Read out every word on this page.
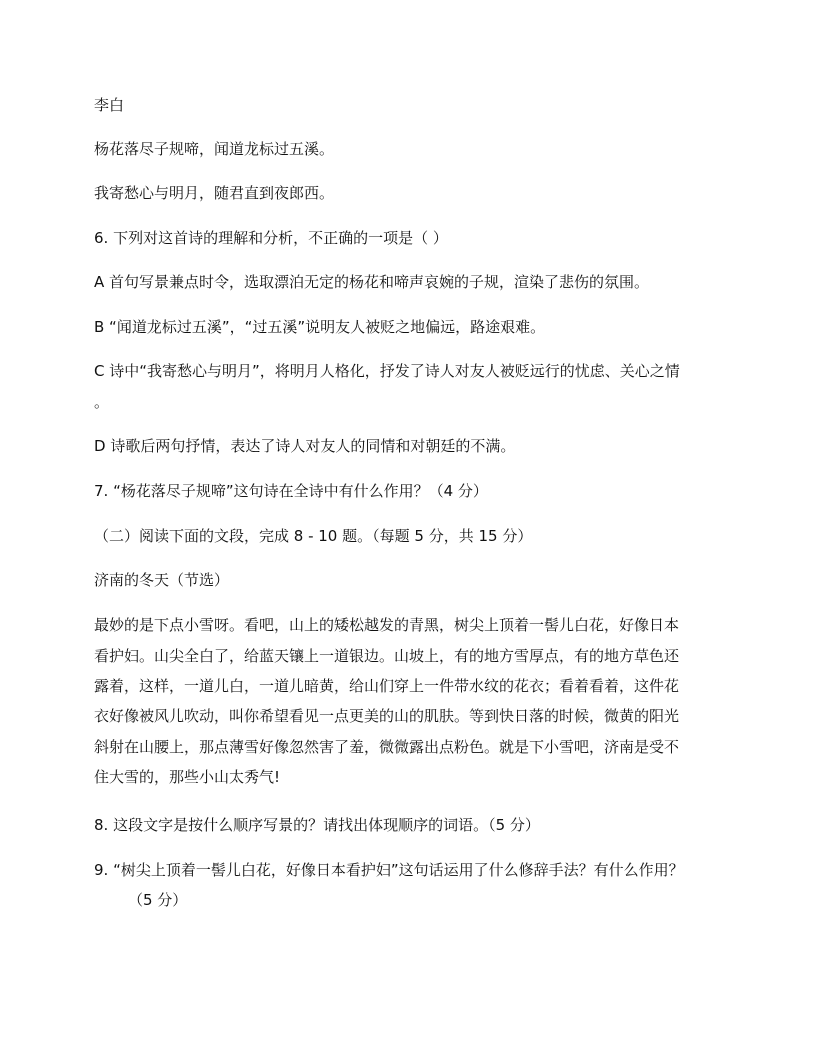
李白
杨花落尽子规啼，闻道龙标过五溪。
我寄愁心与明月，随君直到夜郎西。
6. 下列对这首诗的理解和分析，不正确的一项是（ ）
A 首句写景兼点时令，选取漂泊无定的杨花和啼声哀婉的子规，渲染了悲伤的氛围。
B “闻道龙标过五溪”，“过五溪”说明友人被贬之地偏远，路途艰难。
C 诗中“我寄愁心与明月”，将明月人格化，抒发了诗人对友人被贬远行的忧虑、关心之情
。
D 诗歌后两句抒情，表达了诗人对友人的同情和对朝廷的不满。
7. “杨花落尽子规啼”这句诗在全诗中有什么作用？（4 分）
（二）阅读下面的文段，完成 8 - 10 题。（每题 5 分，共 15 分）
济南的冬天（节选）
最妙的是下点小雪呀。看吧，山上的矮松越发的青黑，树尖上顶着一髻儿白花，好像日本
看护妇。山尖全白了，给蓝天镶上一道银边。山坡上，有的地方雪厚点，有的地方草色还
露着，这样，一道儿白，一道儿暗黄，给山们穿上一件带水纹的花衣；看着看着，这件花
衣好像被风儿吹动，叫你希望看见一点更美的山的肌肤。等到快日落的时候，微黄的阳光
斜射在山腰上，那点薄雪好像忽然害了羞，微微露出点粉色。就是下小雪吧，济南是受不
住大雪的，那些小山太秀气!
8. 这段文字是按什么顺序写景的？请找出体现顺序的词语。（5 分）
9. “树尖上顶着一髻儿白花，好像日本看护妇”这句话运用了什么修辞手法？有什么作用？
（5 分）
